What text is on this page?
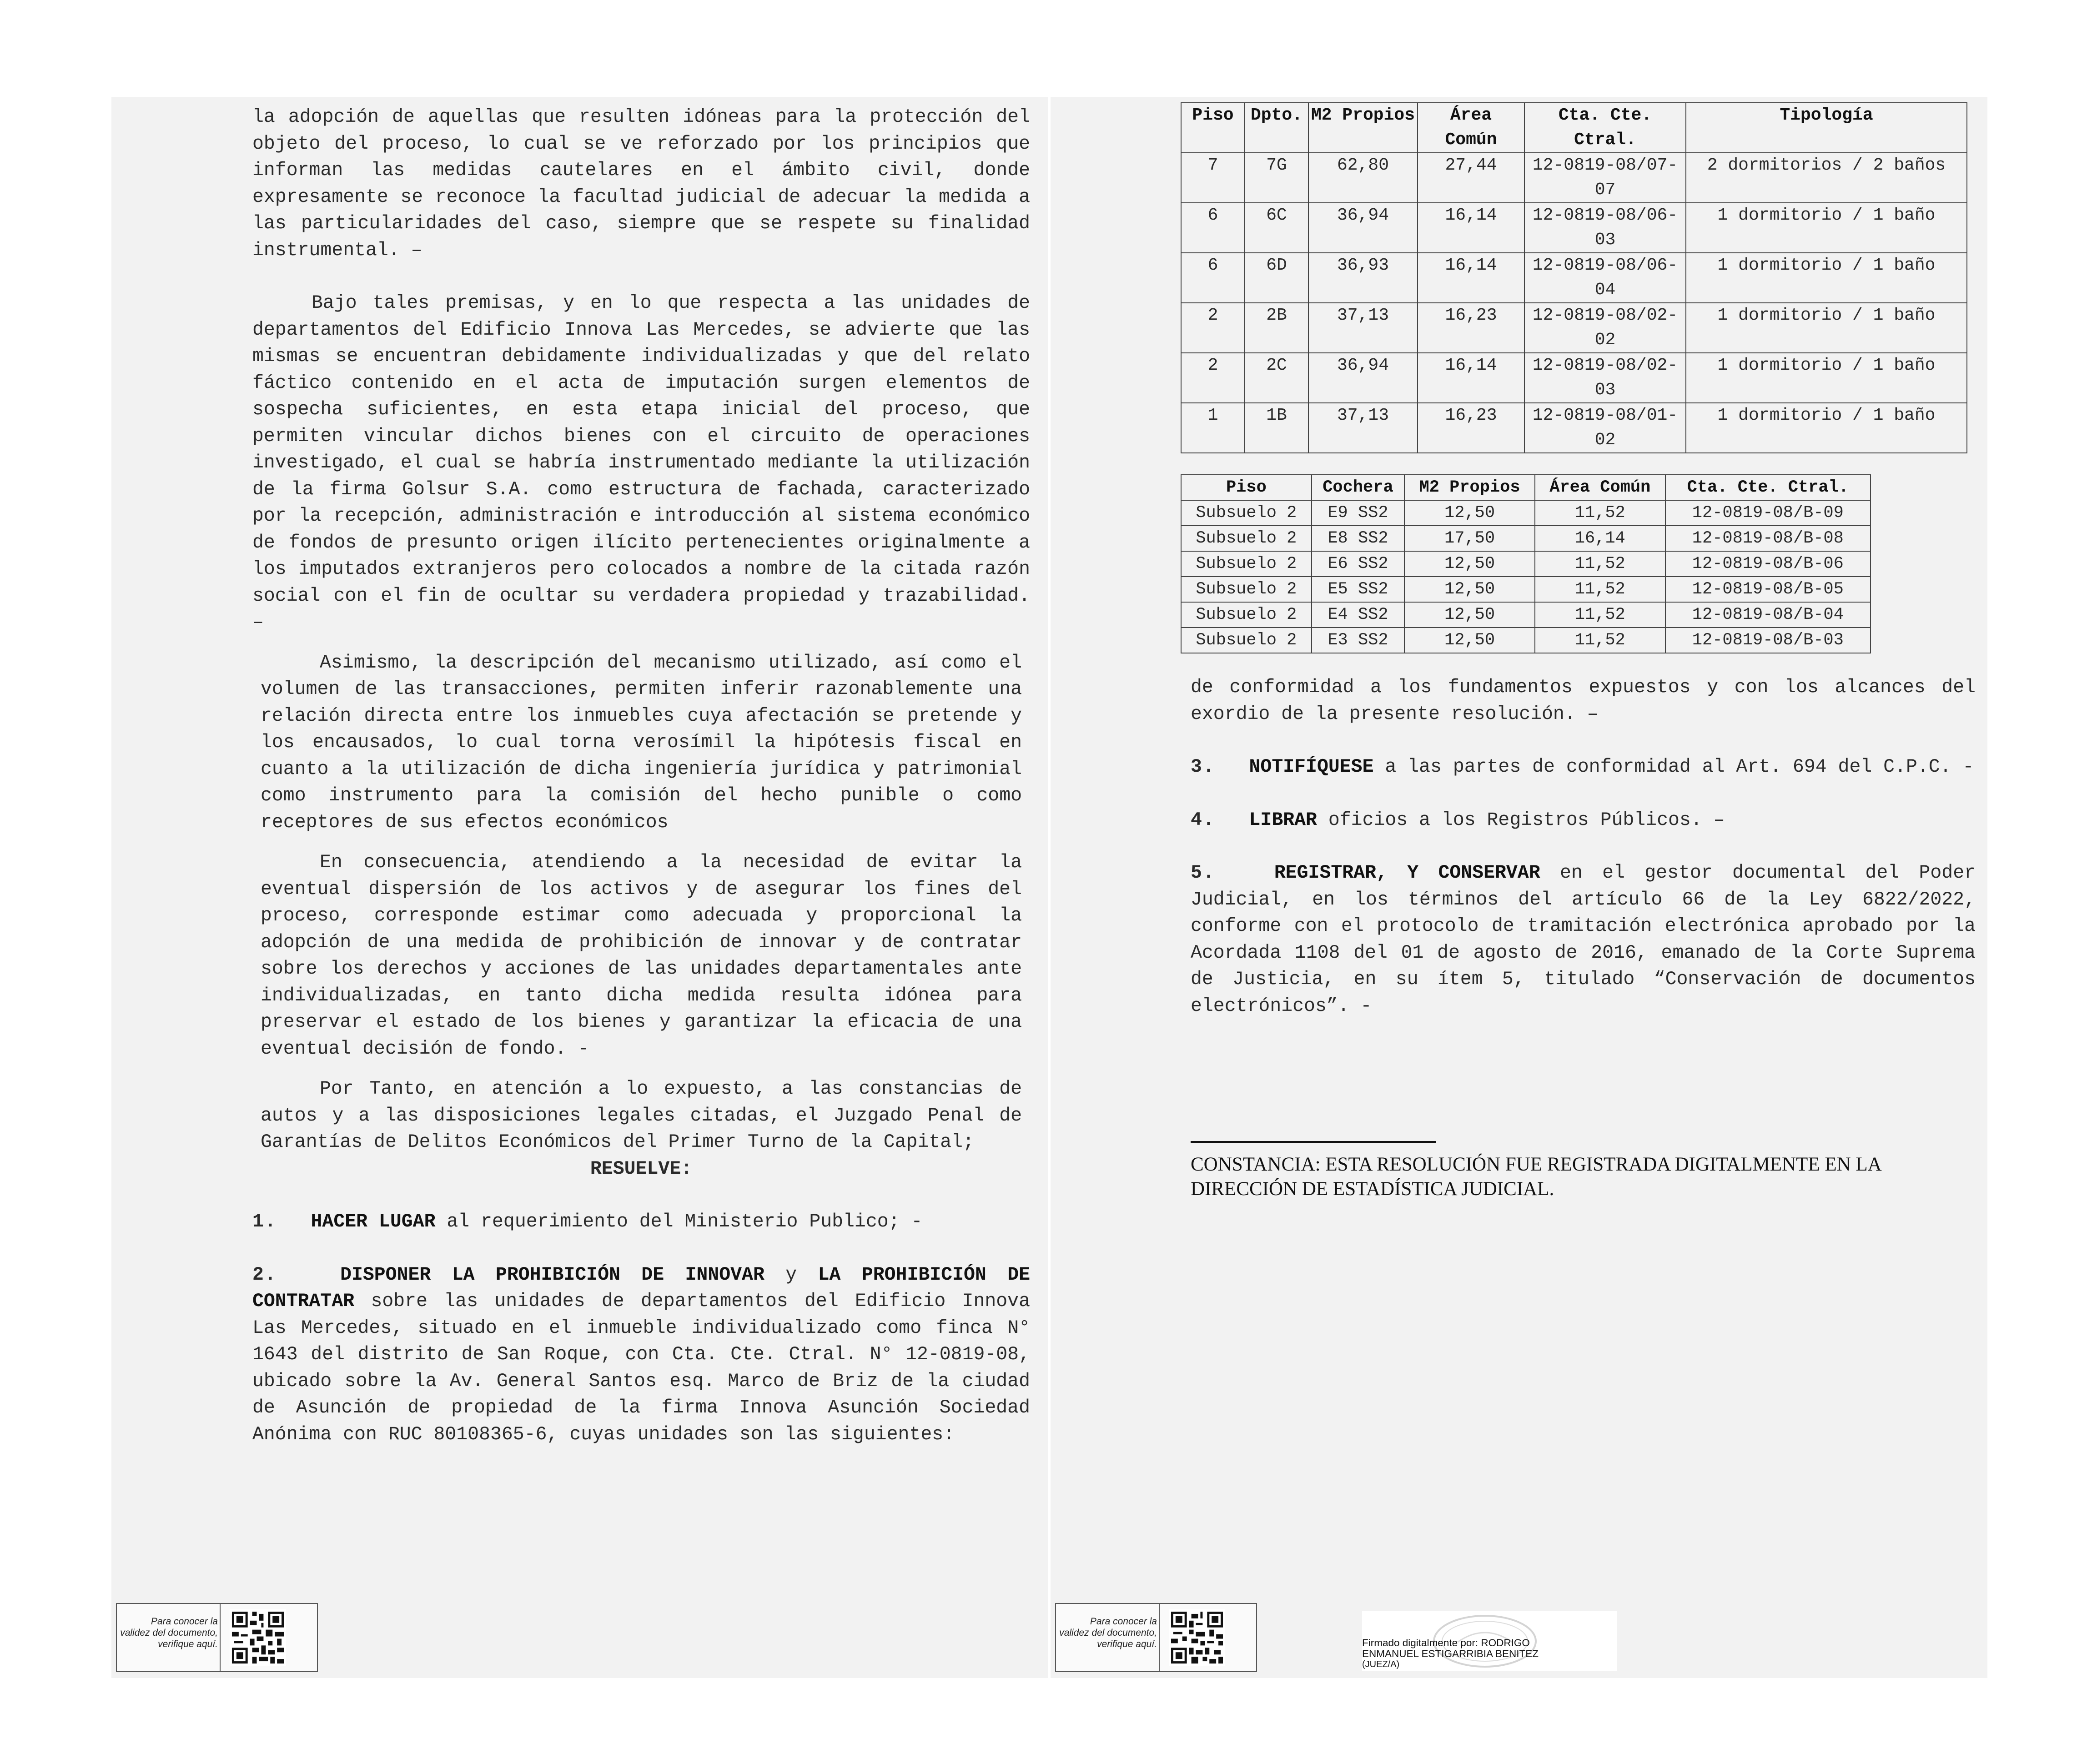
la adopción de aquellas que resulten idóneas para la protección del objeto del proceso, lo cual se ve reforzado por los principios que informan las medidas cautelares en el ámbito civil, donde expresamente se reconoce la facultad judicial de adecuar la medida a las particularidades del caso, siempre que se respete su finalidad instrumental. –

Bajo tales premisas, y en lo que respecta a las unidades de departamentos del Edificio Innova Las Mercedes, se advierte que las mismas se encuentran debidamente individualizadas y que del relato fáctico contenido en el acta de imputación surgen elementos de sospecha suficientes, en esta etapa inicial del proceso, que permiten vincular dichos bienes con el circuito de operaciones investigado, el cual se habría instrumentado mediante la utilización de la firma Golsur S.A. como estructura de fachada, caracterizado por la recepción, administración e introducción al sistema económico de fondos de presunto origen ilícito pertenecientes originalmente a los imputados extranjeros pero colocados a nombre de la citada razón social con el fin de ocultar su verdadera propiedad y trazabilidad. –

Asimismo, la descripción del mecanismo utilizado, así como el volumen de las transacciones, permiten inferir razonablemente una relación directa entre los inmuebles cuya afectación se pretende y los encausados, lo cual torna verosímil la hipótesis fiscal en cuanto a la utilización de dicha ingeniería jurídica y patrimonial como instrumento para la comisión del hecho punible o como receptores de sus efectos económicos

En consecuencia, atendiendo a la necesidad de evitar la eventual dispersión de los activos y de asegurar los fines del proceso, corresponde estimar como adecuada y proporcional la adopción de una medida de prohibición de innovar y de contratar sobre los derechos y acciones de las unidades departamentales ante individualizadas, en tanto dicha medida resulta idónea para preservar el estado de los bienes y garantizar la eficacia de una eventual decisión de fondo. -

Por Tanto, en atención a lo expuesto, a las constancias de autos y a las disposiciones legales citadas, el Juzgado Penal de Garantías de Delitos Económicos del Primer Turno de la Capital;

RESUELVE:

1. HACER LUGAR al requerimiento del Ministerio Publico; -

2.	DISPONER LA PROHIBICIÓN DE INNOVAR y LA PROHIBICIÓN DE CONTRATAR sobre las unidades de departamentos del Edificio Innova Las Mercedes, situado en el inmueble individualizado como finca N° 1643 del distrito de San Roque, con Cta. Cte. Ctral. N° 12-0819-08, ubicado sobre la Av. General Santos esq. Marco de Briz de la ciudad de Asunción de propiedad de la firma Innova Asunción Sociedad Anónima con RUC 80108365-6, cuyas unidades son las siguientes:

Para conocer la validez del documento, verifique aquí.
Piso	Dpto.	M2 Propios	Área Común	Cta. Cte. Ctral.	Tipología
7	7G	62,80	27,44	12-0819-08/07-07	2 dormitorios / 2 baños
6	6C	36,94	16,14	12-0819-08/06-03	1 dormitorio / 1 baño
6	6D	36,93	16,14	12-0819-08/06-04	1 dormitorio / 1 baño
2	2B	37,13	16,23	12-0819-08/02-02	1 dormitorio / 1 baño
2	2C	36,94	16,14	12-0819-08/02-03	1 dormitorio / 1 baño
1	1B	37,13	16,23	12-0819-08/01-02	1 dormitorio / 1 baño
Piso	Cochera	M2 Propios	Área Común	Cta. Cte. Ctral.
Subsuelo 2	E9 SS2	12,50	11,52	12-0819-08/B-09
Subsuelo 2	E8 SS2	17,50	16,14	12-0819-08/B-08
Subsuelo 2	E6 SS2	12,50	11,52	12-0819-08/B-06
Subsuelo 2	E5 SS2	12,50	11,52	12-0819-08/B-05
Subsuelo 2	E4 SS2	12,50	11,52	12-0819-08/B-04
Subsuelo 2	E3 SS2	12,50	11,52	12-0819-08/B-03

de conformidad a los fundamentos expuestos y con los alcances del exordio de la presente resolución. –

3. NOTIFÍQUESE a las partes de conformidad al Art. 694 del C.P.C. -

4. LIBRAR oficios a los Registros Públicos. –

5.	REGISTRAR, Y CONSERVAR en el gestor documental del Poder Judicial, en los términos del artículo 66 de la Ley 6822/2022, conforme con el protocolo de tramitación electrónica aprobado por la Acordada 1108 del 01 de agosto de 2016, emanado de la Corte Suprema de Justicia, en su ítem 5, titulado “Conservación de documentos electrónicos”. -

CONSTANCIA: ESTA RESOLUCIÓN FUE REGISTRADA DIGITALMENTE EN LA DIRECCIÓN DE ESTADÍSTICA JUDICIAL.
Para conocer la validez del documento, verifique aquí.	Firmado digitalmente por: RODRIGO
ENMANUEL ESTIGARRIBIA BENITEZ
(JUEZ/A)
